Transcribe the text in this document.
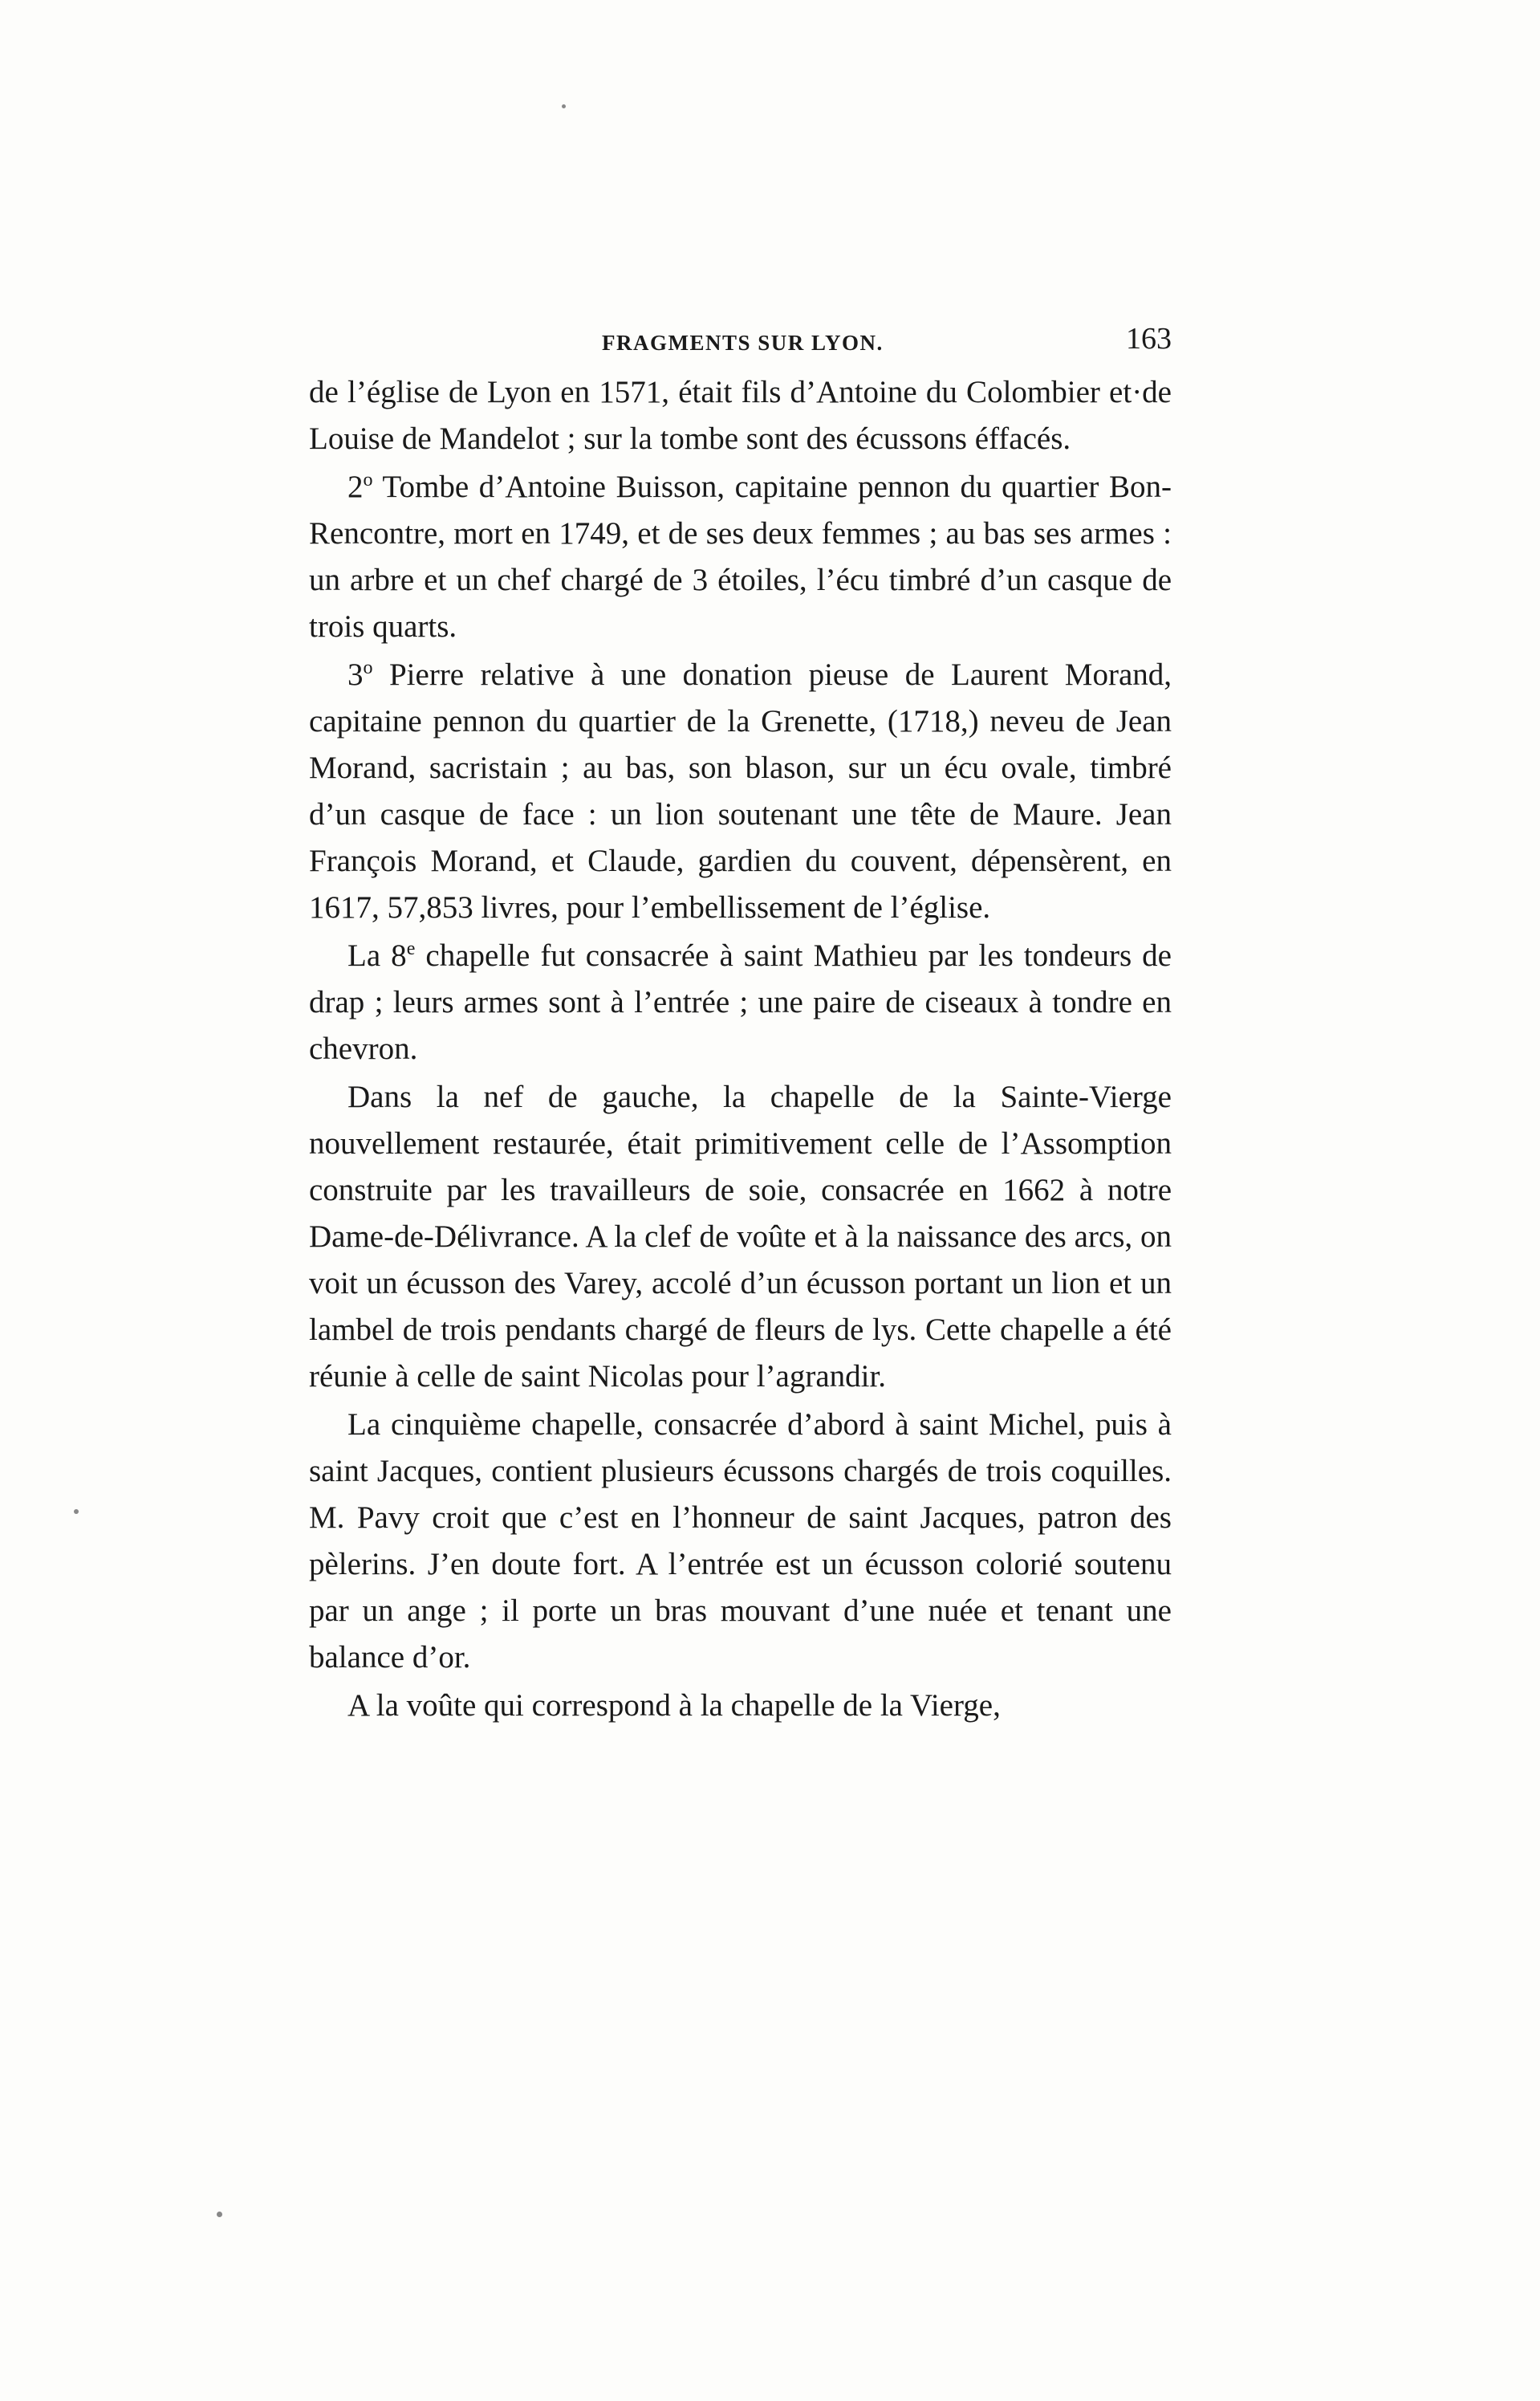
FRAGMENTS SUR LYON.	163

de l’église de Lyon en 1571, était fils d’Antoine du Colombier et·de Louise de Mandelot ; sur la tombe sont des écussons éffacés.

2$^o$ Tombe d’Antoine Buisson, capitaine pennon du quartier Bon-Rencontre, mort en 1749, et de ses deux femmes ; au bas ses armes : un arbre et un chef chargé de 3 étoiles, l’écu timbré d’un casque de trois quarts.

3$^o$ Pierre relative à une donation pieuse de Laurent Morand, capitaine pennon du quartier de la Grenette, (1718,) neveu de Jean Morand, sacristain ; au bas, son blason, sur un écu ovale, timbré d’un casque de face : un lion soutenant une tête de Maure. Jean François Morand, et Claude, gardien du couvent, dépensèrent, en 1617, 57,853 livres, pour l’embellissement de l’église.

La 8e chapelle fut consacrée à saint Mathieu par les tondeurs de drap ; leurs armes sont à l’entrée ; une paire de ciseaux à tondre en chevron.

Dans la nef de gauche, la chapelle de la Sainte-Vierge nouvellement restaurée, était primitivement celle de l’Assomption construite par les travailleurs de soie, consacrée en 1662 à notre Dame-de-Délivrance. A la clef de voûte et à la naissance des arcs, on voit un écusson des Varey, accolé d’un écusson portant un lion et un lambel de trois pendants chargé de fleurs de lys. Cette chapelle a été réunie à celle de saint Nicolas pour l’agrandir.

La cinquième chapelle, consacrée d’abord à saint Michel, puis à saint Jacques, contient plusieurs écussons chargés de trois coquilles. M. Pavy croit que c’est en l’honneur de saint Jacques, patron des pèlerins. J’en doute fort. A l’entrée est un écusson colorié soutenu par un ange ; il porte un bras mouvant d’une nuée et tenant une balance d’or.

A la voûte qui correspond à la chapelle de la Vierge,
